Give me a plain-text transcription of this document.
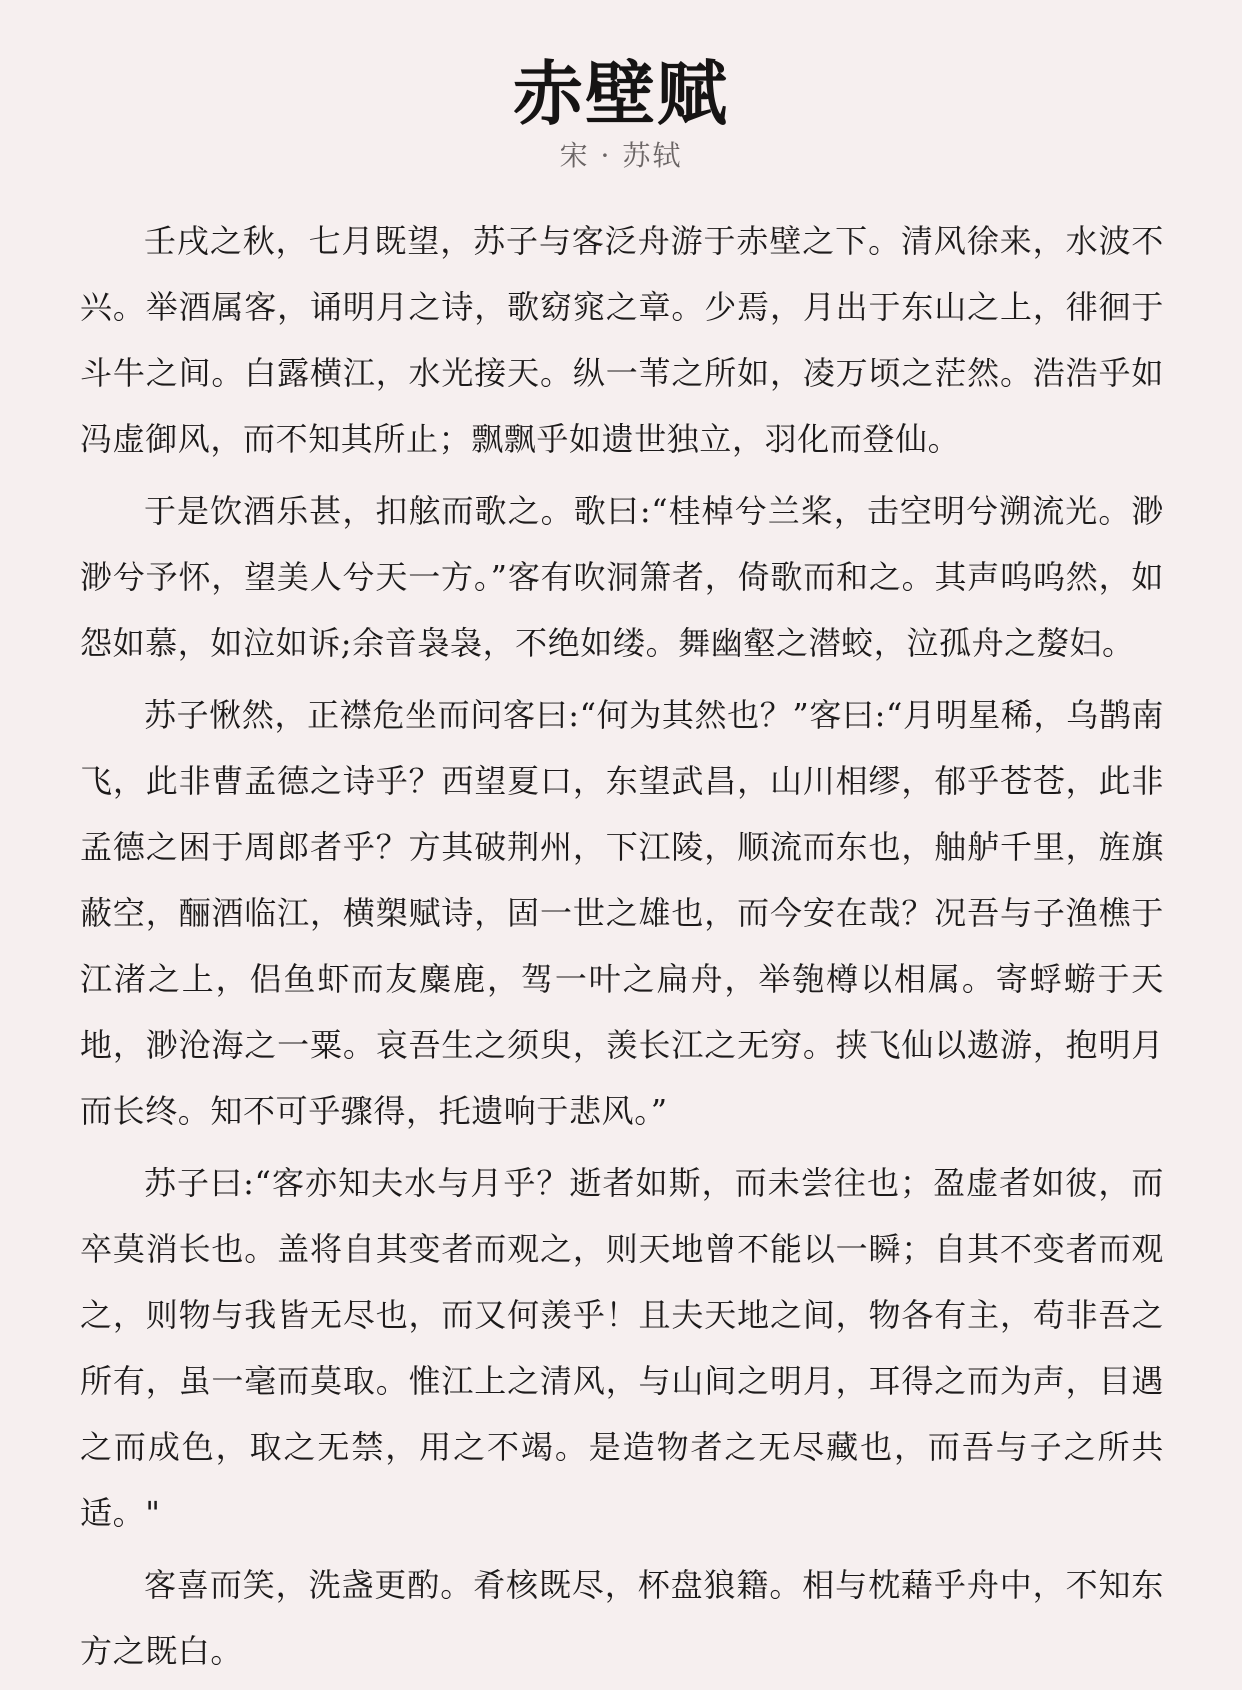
赤壁赋
宋 · 苏轼

壬戌之秋，七月既望，苏子与客泛舟游于赤壁之下。清风徐来，水波不兴。举酒属客，诵明月之诗，歌窈窕之章。少焉，月出于东山之上，徘徊于斗牛之间。白露横江，水光接天。纵一苇之所如，凌万顷之茫然。浩浩乎如冯虚御风，而不知其所止；飘飘乎如遗世独立，羽化而登仙。

于是饮酒乐甚，扣舷而歌之。歌曰:“桂棹兮兰桨，击空明兮溯流光。渺渺兮予怀，望美人兮天一方。”客有吹洞箫者，倚歌而和之。其声呜呜然，如怨如慕，如泣如诉;余音袅袅，不绝如缕。舞幽壑之潜蛟，泣孤舟之嫠妇。

苏子愀然，正襟危坐而问客曰:“何为其然也？”客曰:“月明星稀，乌鹊南飞，此非曹孟德之诗乎？西望夏口，东望武昌，山川相缪，郁乎苍苍，此非孟德之困于周郎者乎？方其破荆州，下江陵，顺流而东也，舳舻千里，旌旗蔽空，酾酒临江，横槊赋诗，固一世之雄也，而今安在哉？况吾与子渔樵于江渚之上，侣鱼虾而友麋鹿，驾一叶之扁舟，举匏樽以相属。寄蜉蝣于天地，渺沧海之一粟。哀吾生之须臾，羡长江之无穷。挟飞仙以遨游，抱明月而长终。知不可乎骤得，托遗响于悲风。”

苏子曰:“客亦知夫水与月乎？逝者如斯，而未尝往也；盈虚者如彼，而卒莫消长也。盖将自其变者而观之，则天地曾不能以一瞬；自其不变者而观之，则物与我皆无尽也，而又何羡乎！且夫天地之间，物各有主，苟非吾之所有，虽一毫而莫取。惟江上之清风，与山间之明月，耳得之而为声，目遇之而成色，取之无禁，用之不竭。是造物者之无尽藏也，而吾与子之所共适。"

客喜而笑，洗盏更酌。肴核既尽，杯盘狼籍。相与枕藉乎舟中，不知东方之既白。
